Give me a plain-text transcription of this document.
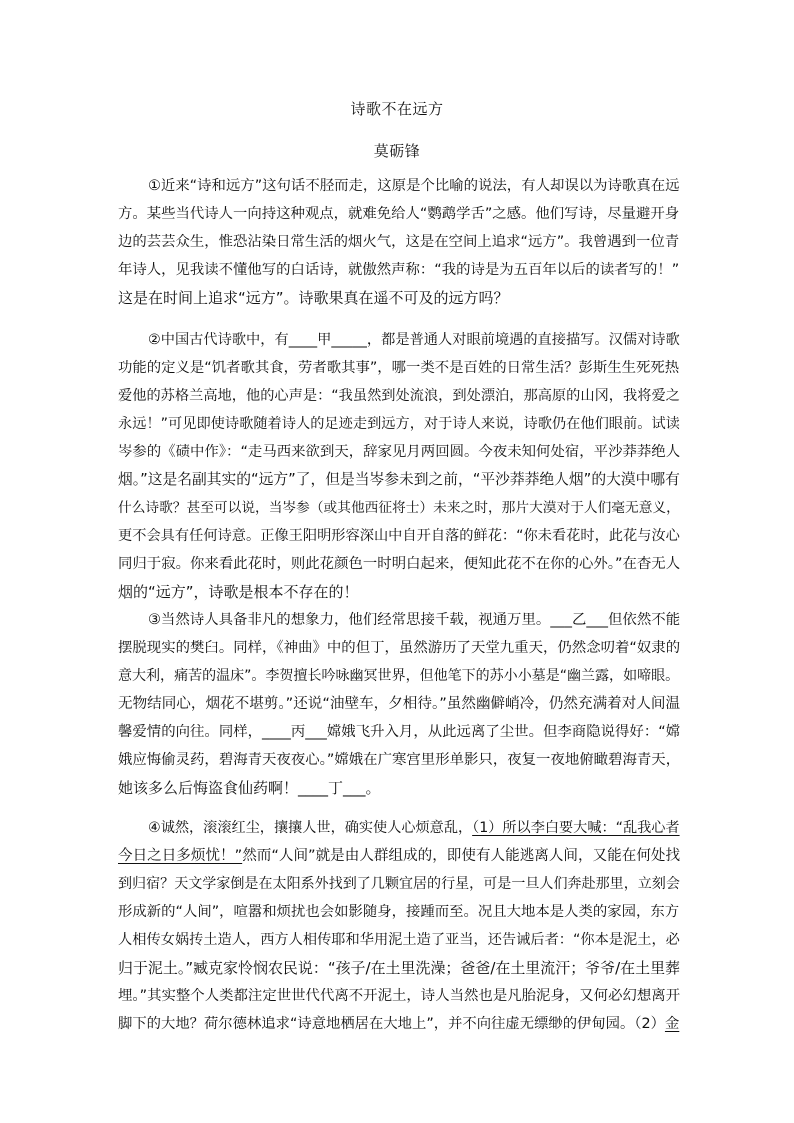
诗歌不在远方
莫砺锋
①近来“诗和远方”这句话不胫而走，这原是个比喻的说法，有人却误以为诗歌真在远
方。某些当代诗人一向持这种观点，就难免给人“鹦鹉学舌”之感。他们写诗，尽量避开身
边的芸芸众生，惟恐沾染日常生活的烟火气，这是在空间上追求“远方”。我曾遇到一位青
年诗人，见我读不懂他写的白话诗，就傲然声称：“我的诗是为五百年以后的读者写的！”
这是在时间上追求“远方”。诗歌果真在遥不可及的远方吗？
②中国古代诗歌中，有____甲_____，都是普通人对眼前境遇的直接描写。汉儒对诗歌
功能的定义是“饥者歌其食，劳者歌其事”，哪一类不是百姓的日常生活？彭斯生生死死热
爱他的苏格兰高地，他的心声是：“我虽然到处流浪，到处漂泊，那高原的山冈，我将爱之
永远！”可见即使诗歌随着诗人的足迹走到远方，对于诗人来说，诗歌仍在他们眼前。试读
岑参的《碛中作》：“走马西来欲到天，辞家见月两回圆。今夜未知何处宿，平沙莽莽绝人
烟。”这是名副其实的“远方”了，但是当岑参未到之前，“平沙莽莽绝人烟”的大漠中哪有
什么诗歌？甚至可以说，当岑参（或其他西征将士）未来之时，那片大漠对于人们毫无意义，
更不会具有任何诗意。正像王阳明形容深山中自开自落的鲜花：“你未看花时，此花与汝心
同归于寂。你来看此花时，则此花颜色一时明白起来，便知此花不在你的心外。”在杳无人
烟的“远方”，诗歌是根本不存在的！
③当然诗人具备非凡的想象力，他们经常思接千载，视通万里。___乙___但依然不能
摆脱现实的樊臼。同样，《神曲》中的但丁，虽然游历了天堂九重天，仍然念叨着“奴隶的
意大利，痛苦的温床”。李贺擅长吟咏幽冥世界，但他笔下的苏小小墓是“幽兰露，如啼眼。
无物结同心，烟花不堪剪。”还说“油壁车，夕相待。”虽然幽僻峭冷，仍然充满着对人间温
馨爱情的向往。同样，____丙___嫦娥飞升入月，从此远离了尘世。但李商隐说得好：“嫦
娥应悔偷灵药，碧海青天夜夜心。”嫦娥在广寒宫里形单影只，夜复一夜地俯瞰碧海青天，
她该多么后悔盗食仙药啊！____丁___。
④诚然，滚滚红尘，攘攘人世，确实使人心烦意乱，（1）所以李白要大喊：“乱我心者
今日之日多烦忧！”然而“人间”就是由人群组成的，即使有人能逃离人间，又能在何处找
到归宿？天文学家倒是在太阳系外找到了几颗宜居的行星，可是一旦人们奔赴那里，立刻会
形成新的“人间”，喧嚣和烦扰也会如影随身，接踵而至。况且大地本是人类的家园，东方
人相传女娲抟土造人，西方人相传耶和华用泥土造了亚当，还告诫后者：“你本是泥土，必
归于泥土。”臧克家怜悯农民说：“孩子/在土里洗澡；爸爸/在土里流汗；爷爷/在土里葬
埋。”其实整个人类都注定世世代代离不开泥土，诗人当然也是凡胎泥身，又何必幻想离开
脚下的大地？荷尔德林追求“诗意地栖居在大地上”，并不向往虚无缥缈的伊甸园。（2）金
